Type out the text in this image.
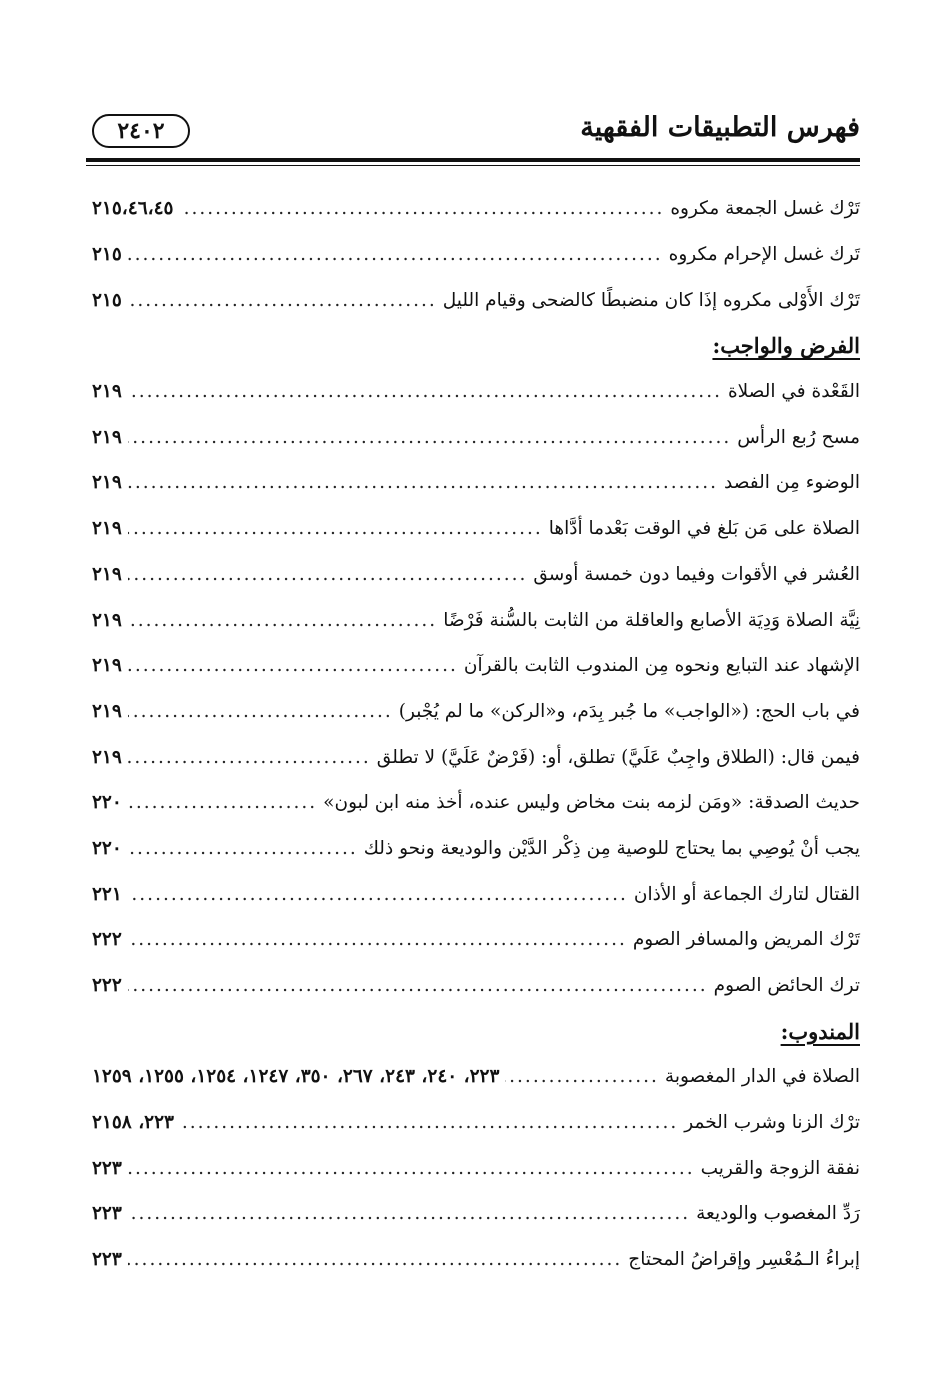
فهرس التطبيقات الفقهية
٢٤٠٢
تَرْك غسل الجمعة مكروه
.....
٢١٥،٤٦،٤٥
تَرك غسل الإحرام مكروه
.....
٢١٥
تَرْك الأَوْلى مكروه إذَا كان منضبطًا كالضحى وقيام الليل
.....
٢١٥
الفرض والواجب:
القَعْدة في الصلاة
.....
٢١٩
مسح رُبع الرأس
.....
٢١٩
الوضوء مِن الفصد
.....
٢١٩
الصلاة على مَن بَلغ في الوقت بَعْدما أدَّاها
.....
٢١٩
العُشر في الأقوات وفيما دون خمسة أوسق
.....
٢١٩
نِيَّة الصلاة وَدِيَة الأصابع والعاقلة من الثابت بالسُّنة فَرْضًا
.....
٢١٩
الإشهاد عند التبايع ونحوه مِن المندوب الثابت بالقرآن
.....
٢١٩
في باب الحج: («الواجب» ما جُبر بِدَم، و«الركن» ما لم يُجْبر)
.....
٢١٩
فيمن قال: (الطلاق واجِبٌ عَلَيَّ) تطلق، أو: (فَرْضٌ عَلَيَّ) لا تطلق
.....
٢١٩
حديث الصدقة: «ومَن لزمه بنت مخاض وليس عنده، أخذ منه ابن لبون»
.....
٢٢٠
يجب أنْ يُوصِي بما يحتاج للوصية مِن ذِكْر الدَّيْن والوديعة ونحو ذلك
.....
٢٢٠
القتال لتارك الجماعة أو الأذان
.....
٢٢١
تَرْك المريض والمسافر الصوم
.....
٢٢٢
ترك الحائض الصوم
.....
٢٢٢
المندوب:
الصلاة في الدار المغصوبة
.....
٢٢٣، ٢٤٠، ٢٤٣، ٢٦٧، ٣٥٠، ١٢٤٧، ١٢٥٤، ١٢٥٥، ١٢٥٩
ترْك الزنا وشرب الخمر
.....
٢٢٣، ٢١٥٨
نفقة الزوجة والقريب
.....
٢٢٣
رَدِّ المغصوب والوديعة
.....
٢٢٣
إبراءُ الـمُعْسِر وإقراضُ المحتاج
.....
٢٢٣
